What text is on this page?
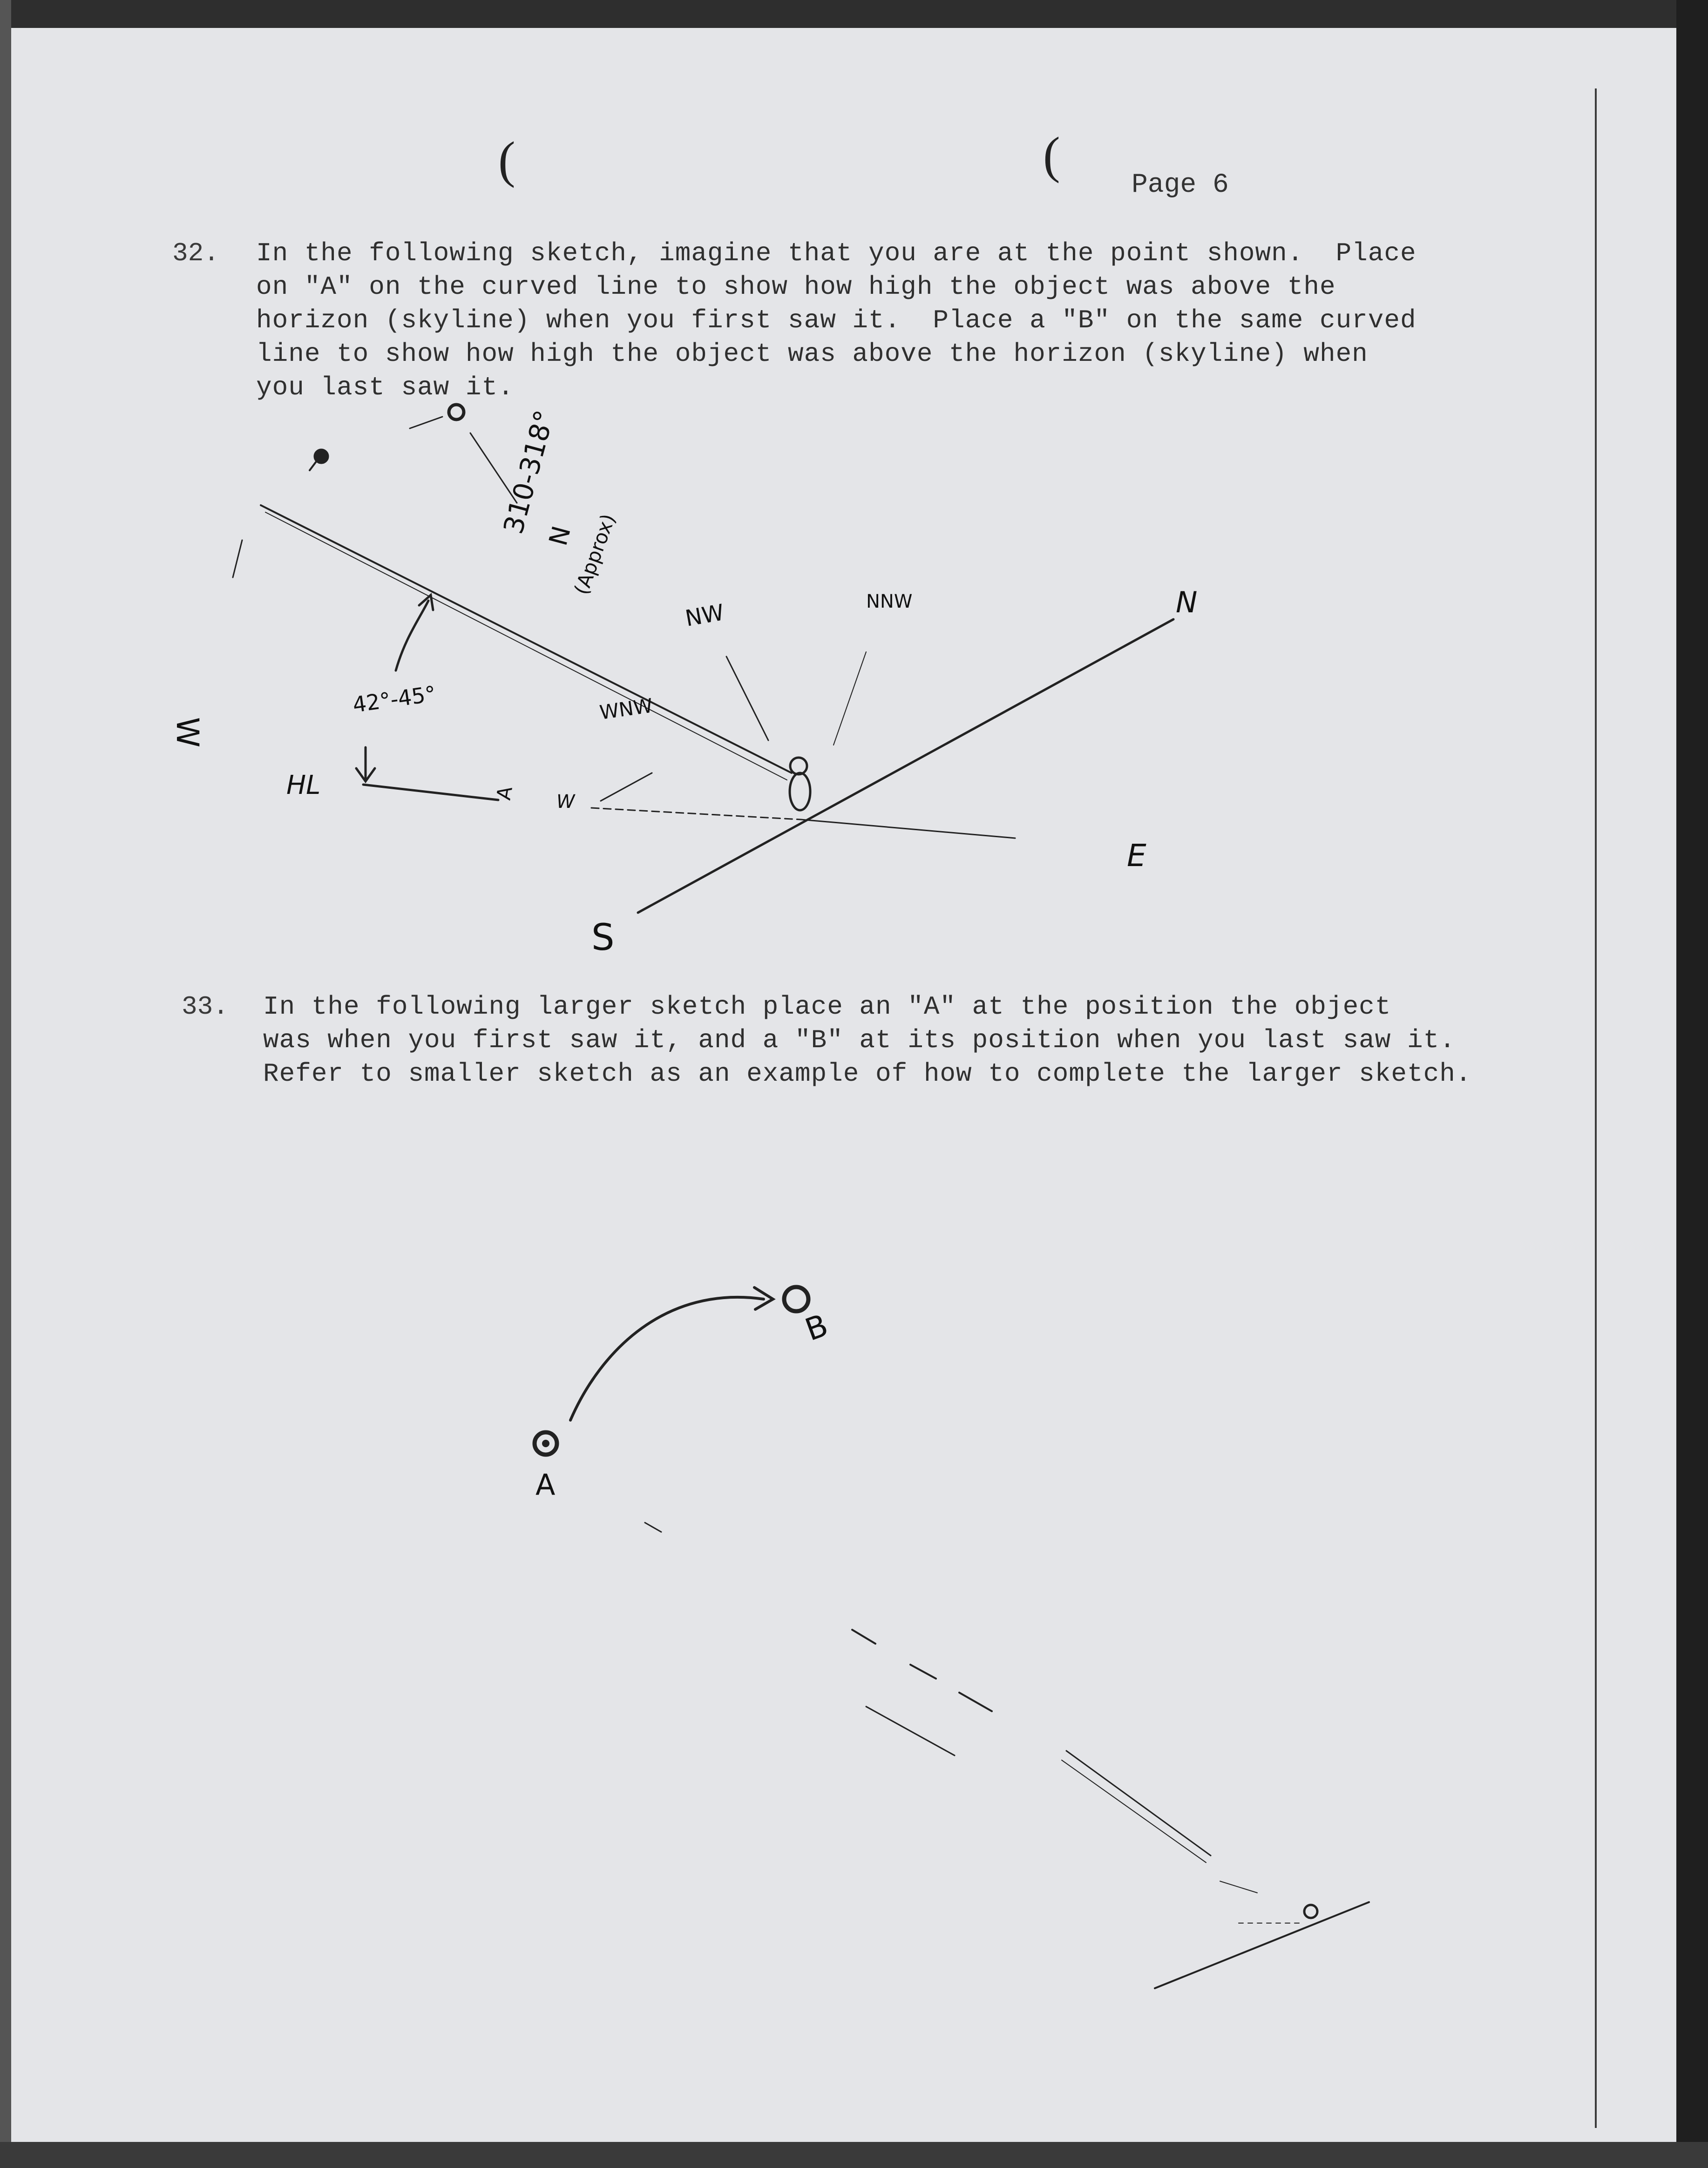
(	(
Page 6
32. In the following sketch, imagine that you are at the point shown.  Place
on "A" on the curved line to show how high the object was above the
horizon (skyline) when you first saw it.  Place a "B" on the same curved
line to show how high the object was above the horizon (skyline) when
you last saw it.
33. In the following larger sketch place an "A" at the position the object
was when you first saw it, and a "B" at its position when you last saw it.
Refer to smaller sketch as an example of how to complete the larger sketch.
310-318°
N
(Approx)
NW	NNW	N
WNW
W
S
E
42°-45°
HL	A W
A
B
